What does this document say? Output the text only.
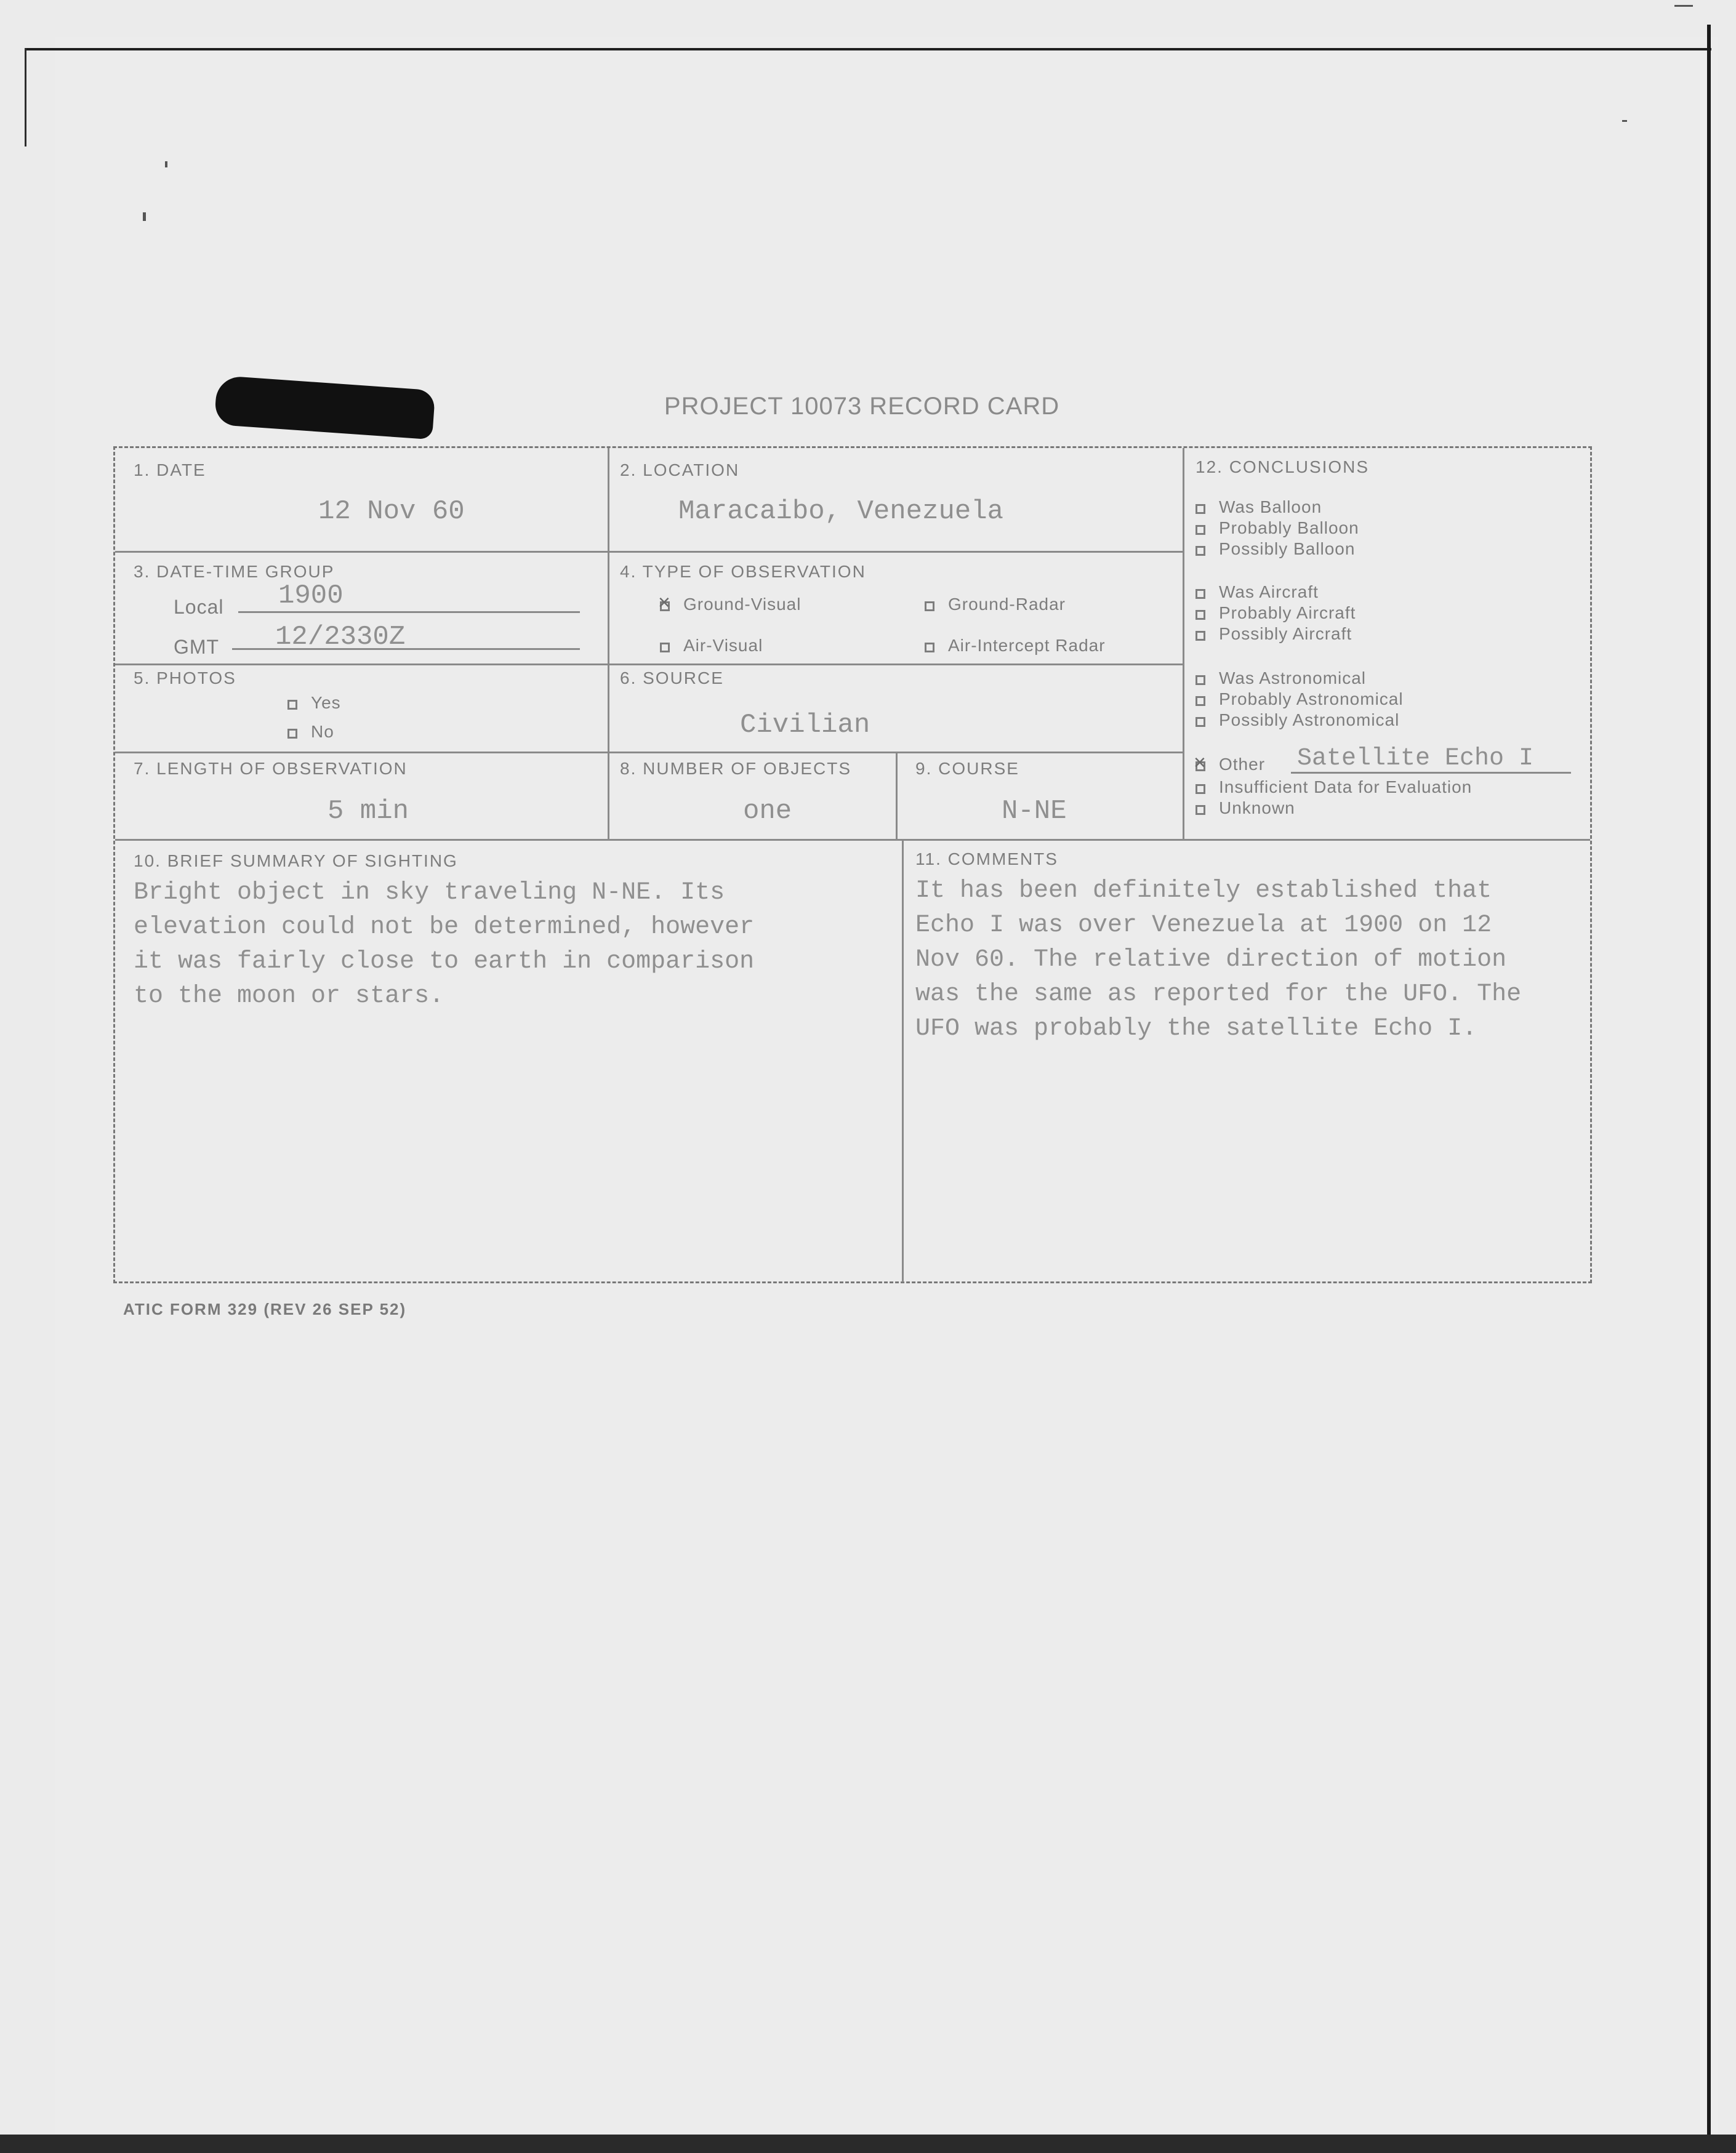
PROJECT 10073 RECORD CARD
1. DATE
12 Nov 60
2. LOCATION
Maracaibo, Venezuela
3. DATE-TIME GROUP
Local 1900
GMT 12/2330Z
4. TYPE OF OBSERVATION
×Ground-Visual	Ground-Radar
Air-Visual	Air-Intercept Radar
5. PHOTOS
Yes
No
6. SOURCE
Civilian
7. LENGTH OF OBSERVATION
5 min
8. NUMBER OF OBJECTS
one
9. COURSE
N-NE
10. BRIEF SUMMARY OF SIGHTING
Bright object in sky traveling N-NE. Its
elevation could not be determined, however
it was fairly close to earth in comparison
to the moon or stars.
11. COMMENTS
It has been definitely established that
Echo I was over Venezuela at 1900 on 12
Nov 60. The relative direction of motion
was the same as reported for the UFO. The
UFO was probably the satellite Echo I.
12. CONCLUSIONS
Was Balloon
Probably Balloon
Possibly Balloon
Was Aircraft
Probably Aircraft
Possibly Aircraft
Was Astronomical
Probably Astronomical
Possibly Astronomical
×Other Satellite Echo I
Insufficient Data for Evaluation
Unknown
ATIC FORM 329 (REV 26 SEP 52)
